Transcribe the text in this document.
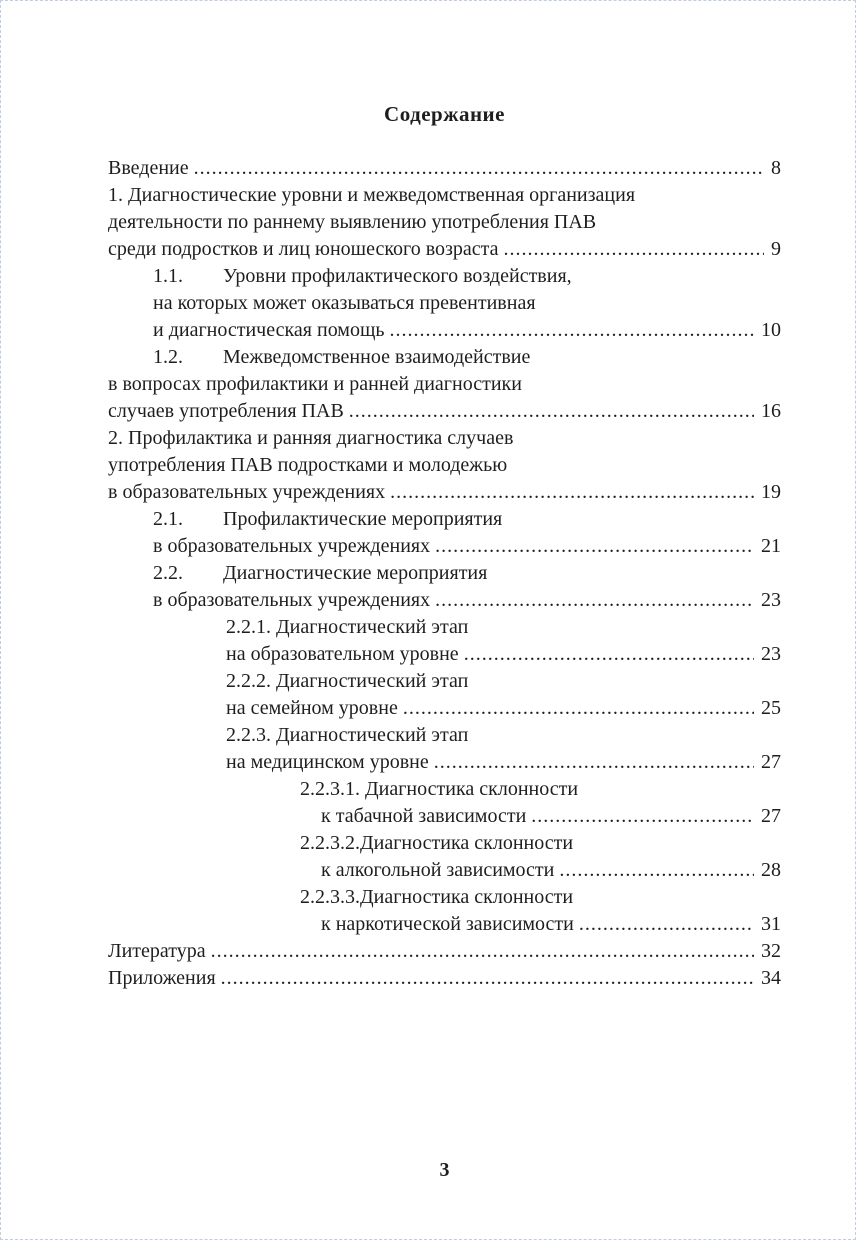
Содержание
Введение .....	8
1. Диагностические уровни и межведомственная организация
деятельности по раннему выявлению употребления ПАВ
среди подростков и лиц юношеского возраста .....	9
1.1.  Уровни профилактического воздействия,
на которых может оказываться превентивная
и диагностическая помощь .....	10
1.2.  Межведомственное взаимодействие
в вопросах профилактики и ранней диагностики
случаев употребления ПАВ .....	16
2. Профилактика и ранняя диагностика случаев
употребления ПАВ подростками и молодежью
в образовательных учреждениях .....	19
2.1.  Профилактические мероприятия
в образовательных учреждениях .....	21
2.2.  Диагностические мероприятия
в образовательных учреждениях .....	23
2.2.1. Диагностический этап
на образовательном уровне .....	23
2.2.2. Диагностический этап
на семейном уровне .....	25
2.2.3. Диагностический этап
на медицинском уровне .....	27
2.2.3.1. Диагностика склонности
к табачной зависимости .....	27
2.2.3.2.Диагностика склонности
к алкогольной зависимости .....	28
2.2.3.3.Диагностика склонности
к наркотической зависимости .....	31
Литература .....	32
Приложения .....	34
3
